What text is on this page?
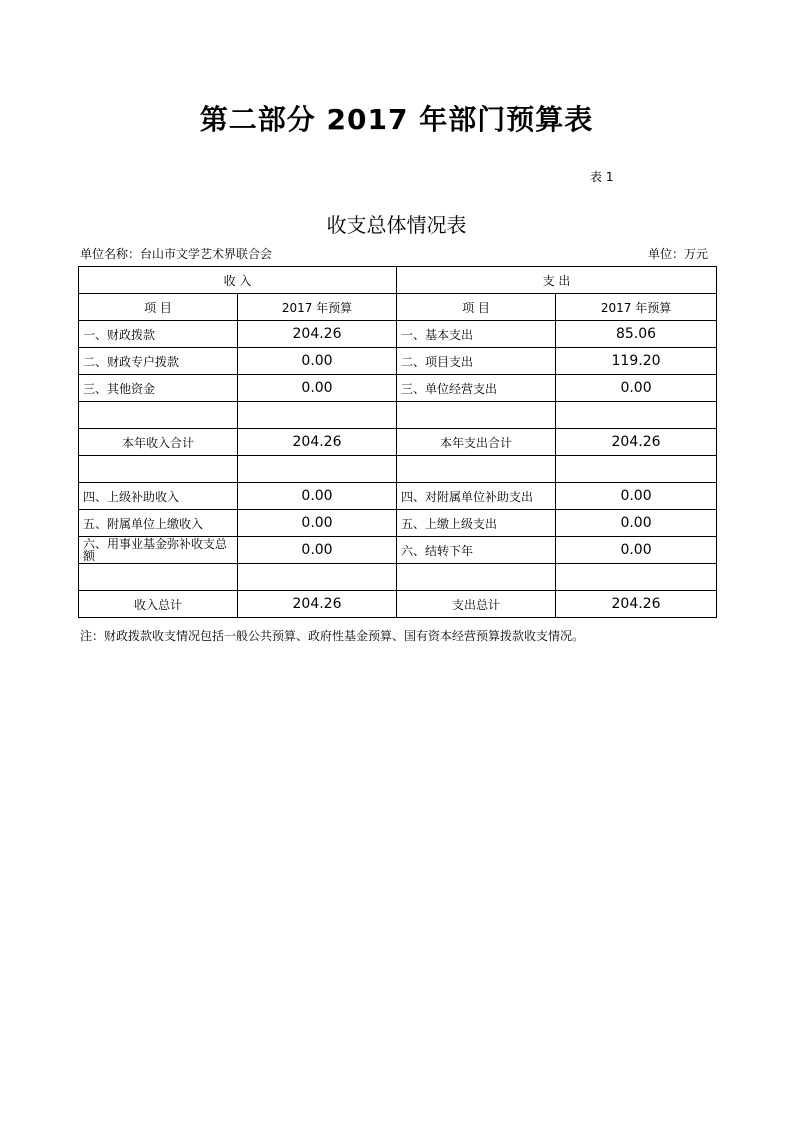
第二部分 2017 年部门预算表
表 1
收支总体情况表
单位名称：台山市文学艺术界联合会	单位：万元
收 入		支 出	
项 目	2017 年预算	项 目	2017 年预算
一、财政拨款	204.26	一、基本支出	85.06
二、财政专户拨款	0.00	二、项目支出	119.20
三、其他资金	0.00	三、单位经营支出	0.00

本年收入合计	204.26	本年支出合计	204.26

四、上级补助收入	0.00	四、对附属单位补助支出	0.00
五、附属单位上缴收入	0.00	五、上缴上级支出	0.00
六、用事业基金弥补收支总额	0.00	六、结转下年	0.00

收入总计	204.26	支出总计	204.26
注：财政拨款收支情况包括一般公共预算、政府性基金预算、国有资本经营预算拨款收支情况。
